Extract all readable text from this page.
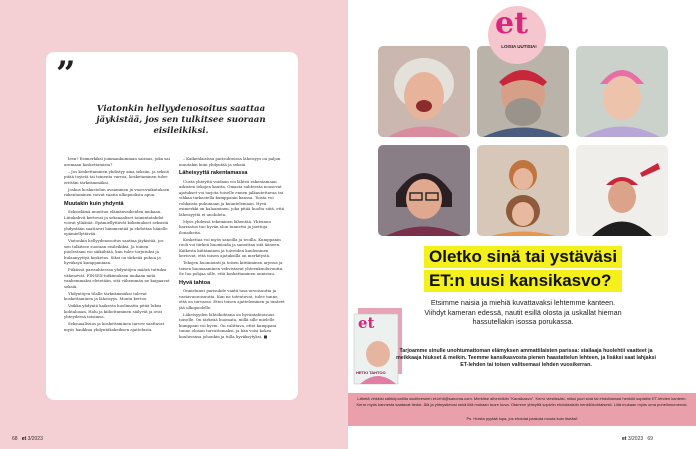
”
Viatonkin hellyydenosoitus saattaa jäykistää, jos sen tulkitsee suoraan eisileikiksi.

leen? Esimerkiksi jommankumman sairaus, joka sai aromaan koskettamista?

– Jos koskettaminen yhdistyy aina seksiin, ja seksiä pitää toyistä tai toinenta varroa, kosketaminen tulee erittäin tärkeämmäksi.

Joskus koskustelun avaaminen ja vuorovaikutuksen rakentaminen voivat vaatia ulkopuolista apua.

Muutakin kuin yhdyntä

Seksielämä muuttuu elämänvaiheiden mukaan. Liitukahvit kertovat ja seksuaaliset toimintatahdot voivat ylläätää. Epämiellyttävät kokemukset seksistä yhdyntään saattavat hämmentää ja ehdottaa hänelle epämiellyttävää.

Viatonkin hellyydenosoitus saattaa jäykistää, jos sen tulkitsee suoraan eisileikiksi. Ja toinen puolestaan voi säikähtää, kun tulee torjutuksi ja hulaanyyttyä kosketus. Siksi on tärkeää puhua ja hyväksyä kumppaniaan.

Pitkässä parisuhteessa yhdyntöjen määrä tuttuksi vähenevät. FINSEX-tutkimuksen mukaan mitä vanhemmaksi eletetään, sitä vähemmän ne kaipaavat seksiä.

Yhdyntöjen tilalle tärkeämmäksi tulevat koskettaminen ja läheisyys. Monta kertoo.

Vaikka yhdyntä kaikesta huolimatta pitää lukea kohtaloaan, Halu ja kiihottuminen säilyvät ja ovat yhteydessä toisiinsa.

Seksuaalisuus ja koskettaminen tarvee saattavat myös haukkua yhdyntäkokeiksen ajattelusta.

– Kaikenlaisissa parisuhteissa läheisyys on paljon muutakin kuin yhdyntää ja seksiä.

Läheisyyttä rakentamassa

Uusta yhteyttä voidaan voi lähteä rakentamaan arkisten tekojen kautta. Omasta suhteesta nousevat ajatukset voi tarjota toiselle ennen jalkautettavaa tai vihkaa tarkastella kumppanin kanssa. Toista voi rohkaista puhumaan ja kuuntelemaan. Hyvä esimerkki on halaaminen, joka pitää huolta siitä, että läheisyyttä ei unohdeta.

Myös yhdessä tekeminen lähentää. Yhteinen harrastus tuo hyvän olon tunnetta ja jaettuja ilonaiheita.

Koskettaa voi myös sanoilla ja teoilla. Kumppanin rooli voi tärkeä huomioida ja sanoittaa sitä ääneen. Kaikesta kiittäminen ja toiveiden kuuleminen kertovat, että toisen ajatuksilla on merkitystä.

Tekojen huomiointi ja toisen kiittäminen arjessa ja toisen huomaaminen vahvistavat yhteenkuuluvuutta. Se luo pohjaa sille, että koskettaminen onnistuu.

Hyvä tahtoa

Onnistunut parisuhde vaatii tasa-arvoisuutta ja vastavuoroisuutta. Kun ne toteutuvat, tulee tunne, että on turvassa. Ettei toisen ajatteleminen ja tunteet jää ulkopuolelle.

Läheisyyden lähtökohtana on hyväntahtoisuus toiselle. On tärkeää huomata, millä sille mielelle kumppani voi hyvin. On valittava, ettei kumppani tunne oloaan turvattomaksi, ja hän voisi kokea kuuluvansa johonkin ja tulla hyväksytyksi. ■

68 et 3/2023
et
LOISIA UUTISIA!
Oletko sinä tai ystäväsi
ET:n uusi kansikasvo?
et
HETKI TAHTOO
Etsimme naisia ja miehiä kuvattavaksi lehtemme kanteen. Viihdyt kameran edessä, nautit esillä olosta ja uskallat hieman hassutellakin isossa porukassa.
Tarjoamme sinulle unohtumattoman elämyksen ammattilaisten parissa: stailaaja huolehtii vaatteet ja meikkaaja hiukset & meikin. Teemme kansikasvosta pienen haastattelun lehteen, ja lisäksi saat lahjaksi ET-lehden tai toisen valitsemasi lehden vuosikerran.
Lähetä vinkkisi sähköpostilla osoitteeseen et-lehti@sanoma.com. Merkitse aiherivikiin "Kansikasvo". Kerro viestissäsi, miksi juuri sinä tai ehdottamasi henkilö sopisitte ET-lehden kanteen. Kerro myös kannesta saatavat tiedot. Älä ja yhteystietosi sekä liitä mukaan tuore kuva. Otamme yhteyttä sopiviin ehdokkaisiin henkilökohtaisesti. Liitä mukaan myös oma puhelinnumerosi.
Ps. Huista pyytää lupa, jos ehdotat jotakuta muuta kuin itseäsi!
et 3/2023 69
